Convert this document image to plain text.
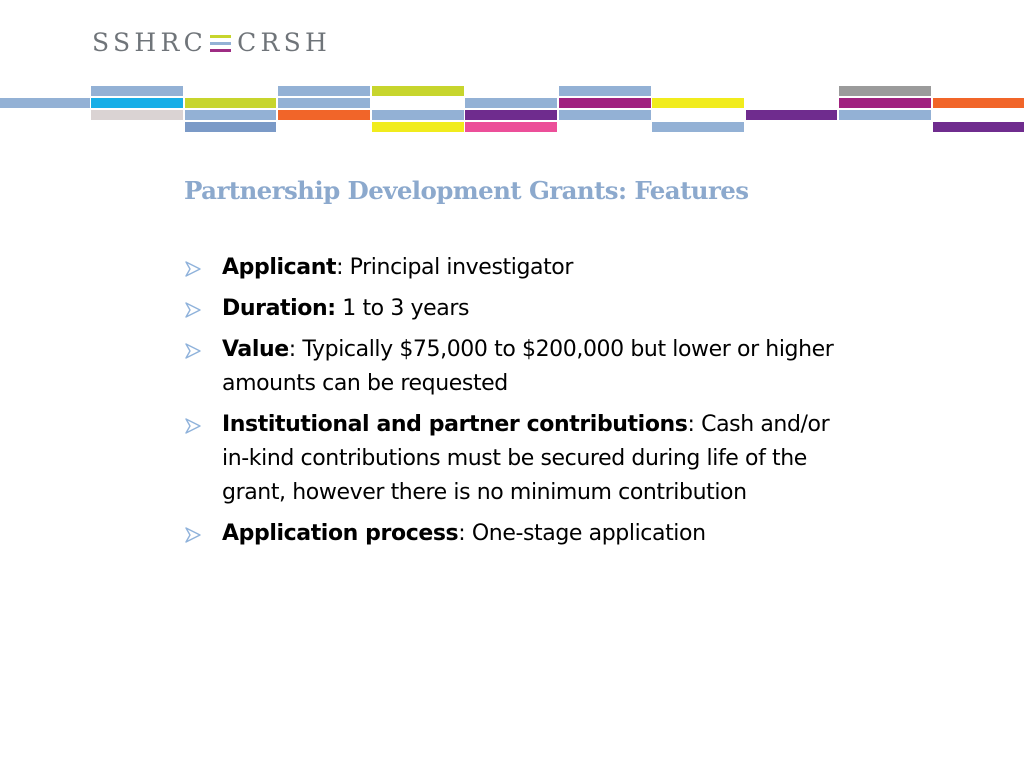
SSHRC CRSH
Partnership Development Grants: Features
Applicant: Principal investigator
Duration: 1 to 3 years
Value: Typically $75,000 to $200,000 but lower or higher amounts can be requested
Institutional and partner contributions: Cash and/or in-kind contributions must be secured during life of the grant, however there is no minimum contribution
Application process: One-stage application
